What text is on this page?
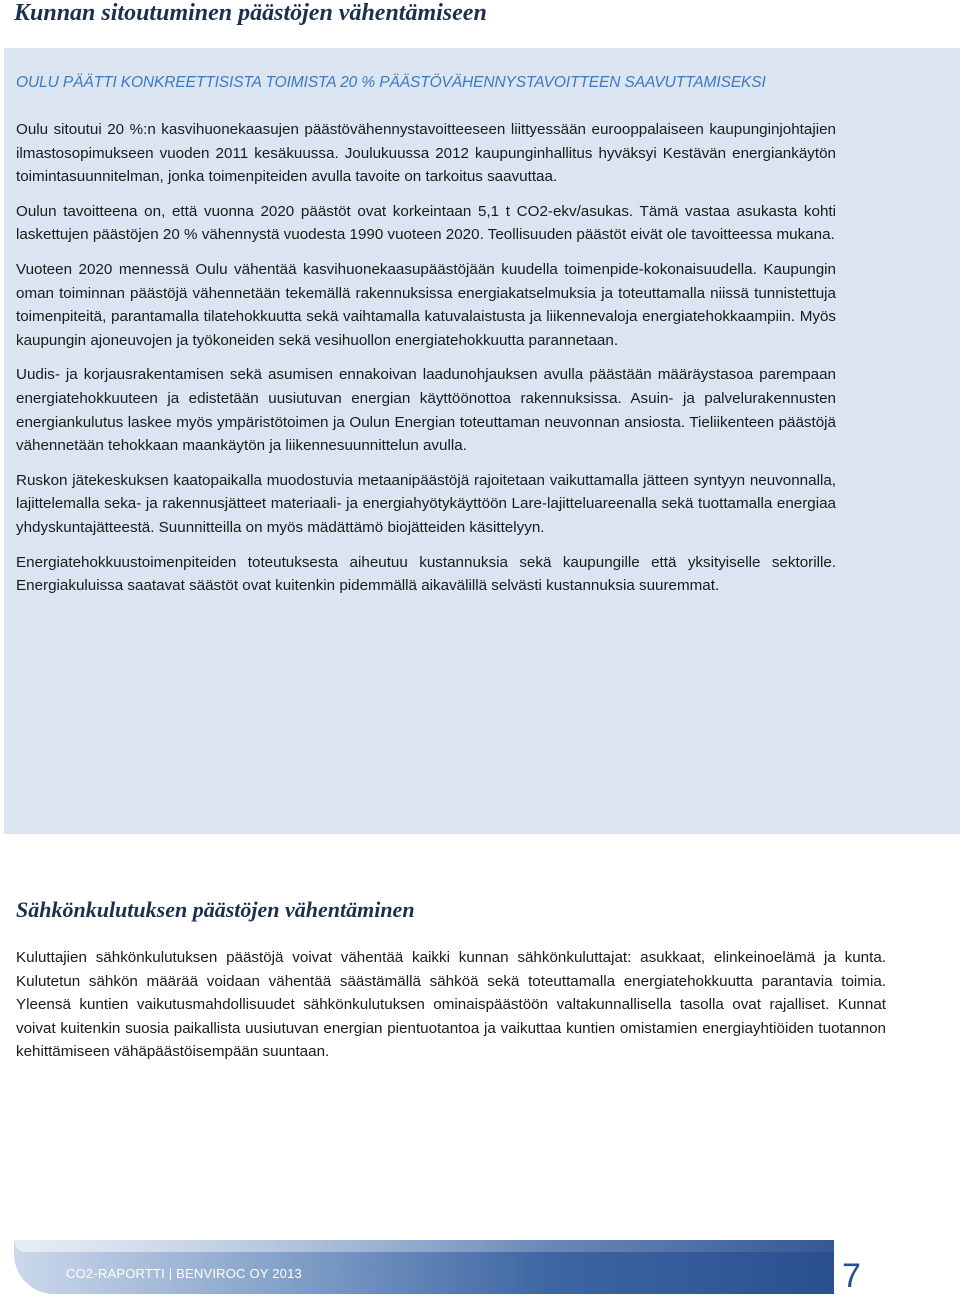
Kunnan sitoutuminen päästöjen vähentämiseen

OULU PÄÄTTI KONKREETTISISTA TOIMISTA 20 % PÄÄSTÖVÄHENNYSTAVOITTEEN SAAVUTTAMISEKSI

Oulu sitoutui 20 %:n kasvihuonekaasujen päästövähennystavoitteeseen liittyessään eurooppalaiseen kaupunginjohtajien ilmastosopimukseen vuoden 2011 kesäkuussa. Joulukuussa 2012 kaupunginhallitus hyväksyi Kestävän energiankäytön toimintasuunnitelman, jonka toimenpiteiden avulla tavoite on tarkoitus saavuttaa.

Oulun tavoitteena on, että vuonna 2020 päästöt ovat korkeintaan 5,1 t CO2-ekv/asukas. Tämä vastaa asukasta kohti laskettujen päästöjen 20 % vähennystä vuodesta 1990 vuoteen 2020. Teollisuuden päästöt eivät ole tavoitteessa mukana.

Vuoteen 2020 mennessä Oulu vähentää kasvihuonekaasupäästöjään kuudella toimenpide-kokonaisuudella. Kaupungin oman toiminnan päästöjä vähennetään tekemällä rakennuksissa energiakatselmuksia ja toteuttamalla niissä tunnistettuja toimenpiteitä, parantamalla tilatehokkuutta sekä vaihtamalla katuvalaistusta ja liikennevaloja energiatehokkaampiin. Myös kaupungin ajoneuvojen ja työkoneiden sekä vesihuollon energiatehokkuutta parannetaan.

Uudis- ja korjausrakentamisen sekä asumisen ennakoivan laadunohjauksen avulla päästään määräystasoa parempaan energiatehokkuuteen ja edistetään uusiutuvan energian käyttöönottoa rakennuksissa. Asuin- ja palvelurakennusten energiankulutus laskee myös ympäristötoimen ja Oulun Energian toteuttaman neuvonnan ansiosta. Tieliikenteen päästöjä vähennetään tehokkaan maankäytön ja liikennesuunnittelun avulla.

Ruskon jätekeskuksen kaatopaikalla muodostuvia metaanipäästöjä rajoitetaan vaikuttamalla jätteen syntyyn neuvonnalla, lajittelemalla seka- ja rakennusjätteet materiaali- ja energiahyötykäyttöön Lare-lajitteluareenalla sekä tuottamalla energiaa yhdyskuntajätteestä. Suunnitteilla on myös mädättämö biojätteiden käsittelyyn.

Energiatehokkuustoimenpiteiden toteutuksesta aiheutuu kustannuksia sekä kaupungille että yksityiselle sektorille. Energiakuluissa saatavat säästöt ovat kuitenkin pidemmällä aikavälillä selvästi kustannuksia suuremmat.

Sähkönkulutuksen päästöjen vähentäminen

Kuluttajien sähkönkulutuksen päästöjä voivat vähentää kaikki kunnan sähkönkuluttajat: asukkaat, elinkeinoelämä ja kunta. Kulutetun sähkön määrää voidaan vähentää säästämällä sähköä sekä toteuttamalla energiatehokkuutta parantavia toimia. Yleensä kuntien vaikutusmahdollisuudet sähkönkulutuksen ominaispäästöön valtakunnallisella tasolla ovat rajalliset. Kunnat voivat kuitenkin suosia paikallista uusiutuvan energian pientuotantoa ja vaikuttaa kuntien omistamien energiayhtiöiden tuotannon kehittämiseen vähäpäästöisempään suuntaan.

CO2-RAPORTTI | BENVIROC OY 2013	7
